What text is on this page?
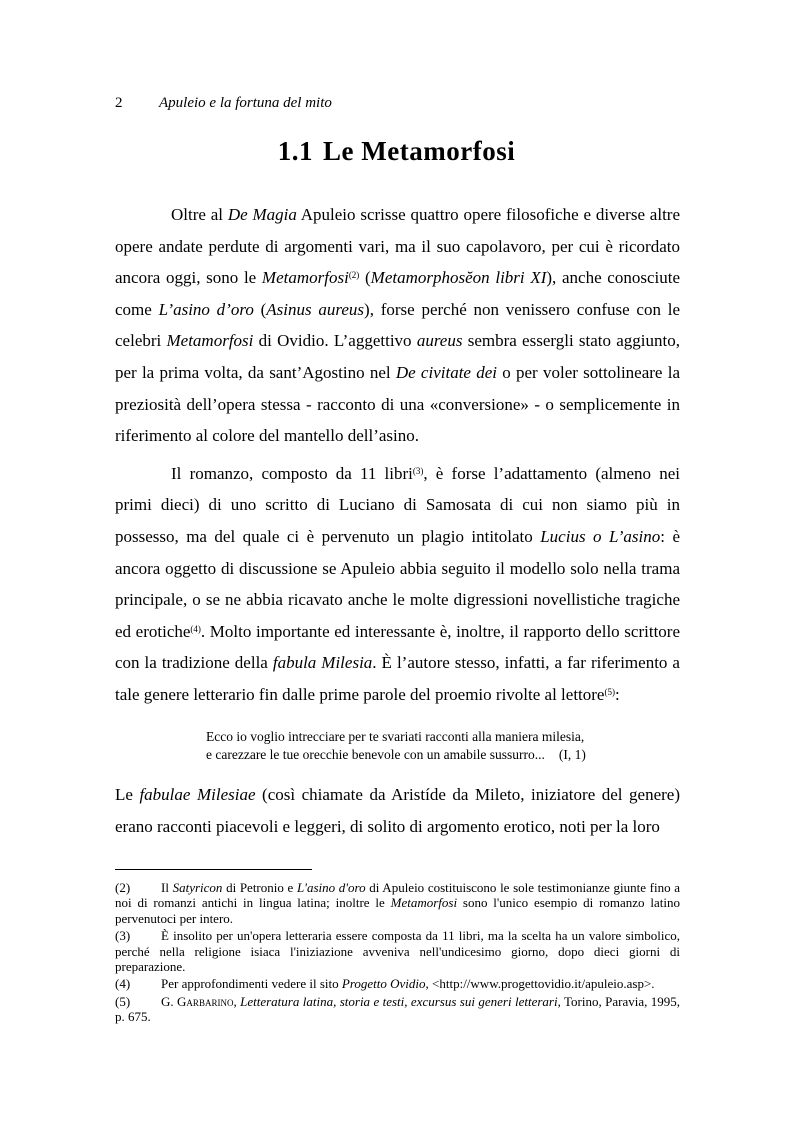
2 Apuleio e la fortuna del mito
1.1 Le Metamorfosi

Oltre al De Magia Apuleio scrisse quattro opere filosofiche e diverse altre opere andate perdute di argomenti vari, ma il suo capolavoro, per cui è ricordato ancora oggi, sono le Metamorfosi$^{(2)}$ (Metamorphosĕon libri XI), anche conosciute come L’asino d’oro (Asinus aureus), forse perché non venissero confuse con le celebri Metamorfosi di Ovidio. L’aggettivo aureus sembra essergli stato aggiunto, per la prima volta, da sant’Agostino nel De civitate dei o per voler sottolineare la preziosità dell’opera stessa - racconto di una «conversione» - o semplicemente in riferimento al colore del mantello dell’asino.

Il romanzo, composto da 11 libri$^{(3)}$, è forse l’adattamento (almeno nei primi dieci) di uno scritto di Luciano di Samosata di cui non siamo più in possesso, ma del quale ci è pervenuto un plagio intitolato Lucius o L’asino: è ancora oggetto di discussione se Apuleio abbia seguito il modello solo nella trama principale, o se ne abbia ricavato anche le molte digressioni novellistiche tragiche ed erotiche$^{(4)}$. Molto importante ed interessante è, inoltre, il rapporto dello scrittore con la tradizione della fabula Milesia. È l’autore stesso, infatti, a far riferimento a tale genere letterario fin dalle prime parole del proemio rivolte al lettore$^{(5)}$:

Ecco io voglio intrecciare per te svariati racconti alla maniera milesia,
e carezzare le tue orecchie benevole con un amabile sussurro... (I, 1)

Le fabulae Milesiae (così chiamate da Aristíde da Mileto, iniziatore del genere) erano racconti piacevoli e leggeri, di solito di argomento erotico, noti per la loro

(2) Il Satyricon di Petronio e L'asino d'oro di Apuleio costituiscono le sole testimonianze giunte fino a noi di romanzi antichi in lingua latina; inoltre le Metamorfosi sono l'unico esempio di romanzo latino pervenutoci per intero.
(3) È insolito per un'opera letteraria essere composta da 11 libri, ma la scelta ha un valore simbolico, perché nella religione isiaca l'iniziazione avveniva nell'undicesimo giorno, dopo dieci giorni di preparazione.
(4) Per approfondimenti vedere il sito Progetto Ovidio, <http://www.progettovidio.it/apuleio.asp>.
(5) G. Garbarino, Letteratura latina, storia e testi, excursus sui generi letterari, Torino, Paravia, 1995, p. 675.
